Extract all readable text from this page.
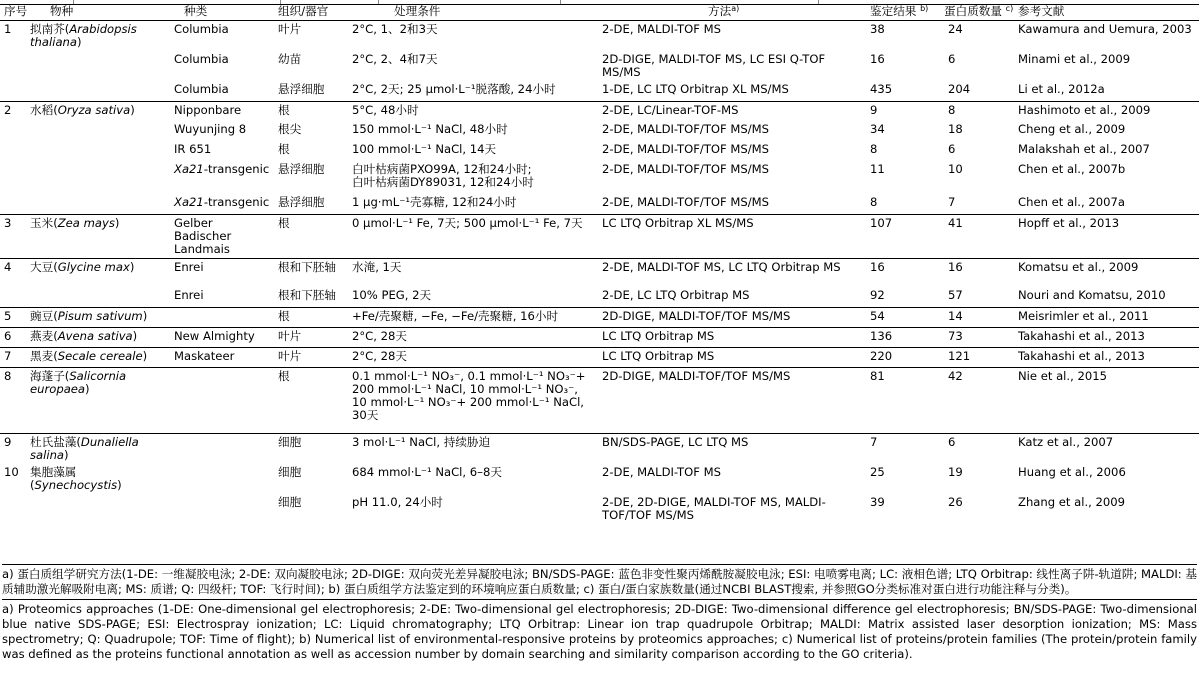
序号	物种	种类	组织/器官	处理条件	方法$^{a)}$	鉴定结果 $^{b)}$	蛋白质数量 $^{c)}$	参考文献
1	拟南芥(Arabidopsis thaliana)	Columbia	叶片	2°C, 1、2和3天	2-DE, MALDI-TOF MS	38	24	Kawamura and Uemura, 2003
		Columbia	幼苗	2°C, 2、4和7天	2D-DIGE, MALDI-TOF MS, LC ESI Q-TOF MS/MS	16	6	Minami et al., 2009
		Columbia	悬浮细胞	2°C, 2天; 25 μmol·L⁻¹脱落酸, 24小时	1-DE, LC LTQ Orbitrap XL MS/MS	435	204	Li et al., 2012a
2	水稻(Oryza sativa)	Nipponbare	根	5°C, 48小时	2-DE, LC/Linear-TOF-MS	9	8	Hashimoto et al., 2009
		Wuyunjing 8	根尖	150 mmol·L⁻¹ NaCl, 48小时	2-DE, MALDI-TOF/TOF MS/MS	34	18	Cheng et al., 2009
		IR 651	根	100 mmol·L⁻¹ NaCl, 14天	2-DE, MALDI-TOF/TOF MS/MS	8	6	Malakshah et al., 2007
		Xa21-transgenic	悬浮细胞	白叶枯病菌PXO99A, 12和24小时;
白叶枯病菌DY89031, 12和24小时	2-DE, MALDI-TOF/TOF MS/MS	11	10	Chen et al., 2007b
		Xa21-transgenic	悬浮细胞	1 μg·mL⁻¹壳寡糖, 12和24小时	2-DE, MALDI-TOF/TOF MS/MS	8	7	Chen et al., 2007a
3	玉米(Zea mays)	Gelber Badischer Landmais	根	0 μmol·L⁻¹ Fe, 7天; 500 μmol·L⁻¹ Fe, 7天	LC LTQ Orbitrap XL MS/MS	107	41	Hopff et al., 2013
4	大豆(Glycine max)	Enrei	根和下胚轴	水淹, 1天	2-DE, MALDI-TOF MS, LC LTQ Orbitrap MS	16	16	Komatsu et al., 2009
		Enrei	根和下胚轴	10% PEG, 2天	2-DE, LC LTQ Orbitrap MS	92	57	Nouri and Komatsu, 2010
5	豌豆(Pisum sativum)		根	+Fe/壳聚糖, −Fe, −Fe/壳聚糖, 16小时	2D-DIGE, MALDI-TOF/TOF MS/MS	54	14	Meisrimler et al., 2011
6	燕麦(Avena sativa)	New Almighty	叶片	2°C, 28天	LC LTQ Orbitrap MS	136	73	Takahashi et al., 2013
7	黑麦(Secale cereale)	Maskateer	叶片	2°C, 28天	LC LTQ Orbitrap MS	220	121	Takahashi et al., 2013
8	海蓬子(Salicornia europaea)		根	0.1 mmol·L⁻¹ NO₃⁻, 0.1 mmol·L⁻¹ NO₃⁻+ 200 mmol·L⁻¹ NaCl, 10 mmol·L⁻¹ NO₃⁻, 10 mmol·L⁻¹ NO₃⁻+ 200 mmol·L⁻¹ NaCl, 30天	2D-DIGE, MALDI-TOF/TOF MS/MS	81	42	Nie et al., 2015
9	杜氏盐藻(Dunaliella salina)		细胞	3 mol·L⁻¹ NaCl, 持续胁迫	BN/SDS-PAGE, LC LTQ MS	7	6	Katz et al., 2007
10	集胞藻属
(Synechocystis)		细胞	684 mmol·L⁻¹ NaCl, 6–8天	2-DE, MALDI-TOF MS	25	19	Huang et al., 2006
			细胞	pH 11.0, 24小时	2-DE, 2D-DIGE, MALDI-TOF MS, MALDI-TOF/TOF MS/MS	39	26	Zhang et al., 2009

a) 蛋白质组学研究方法(1-DE: 一维凝胶电泳; 2-DE: 双向凝胶电泳; 2D-DIGE: 双向荧光差异凝胶电泳; BN/SDS-PAGE: 蓝色非变性聚丙烯酰胺凝胶电泳; ESI: 电喷雾电离; LC: 液相色谱; LTQ Orbitrap: 线性离子阱-轨道阱; MALDI: 基质辅助激光解吸附电离; MS: 质谱; Q: 四级杆; TOF: 飞行时间); b) 蛋白质组学方法鉴定到的环境响应蛋白质数量; c) 蛋白/蛋白家族数量(通过NCBI BLAST搜索, 并参照GO分类标准对蛋白进行功能注释与分类)。

a) Proteomics approaches (1-DE: One-dimensional gel electrophoresis; 2-DE: Two-dimensional gel electrophoresis; 2D-DIGE: Two-dimensional difference gel electrophoresis; BN/SDS-PAGE: Two-dimensional blue native SDS-PAGE; ESI: Electrospray ionization; LC: Liquid chromatography; LTQ Orbitrap: Linear ion trap quadrupole Orbitrap; MALDI: Matrix assisted laser desorption ionization; MS: Mass spectrometry; Q: Quadrupole; TOF: Time of flight); b) Numerical list of environmental-responsive proteins by proteomics approaches; c) Numerical list of proteins/protein families (The protein/protein family was defined as the proteins functional annotation as well as accession number by domain searching and similarity comparison according to the GO criteria).
